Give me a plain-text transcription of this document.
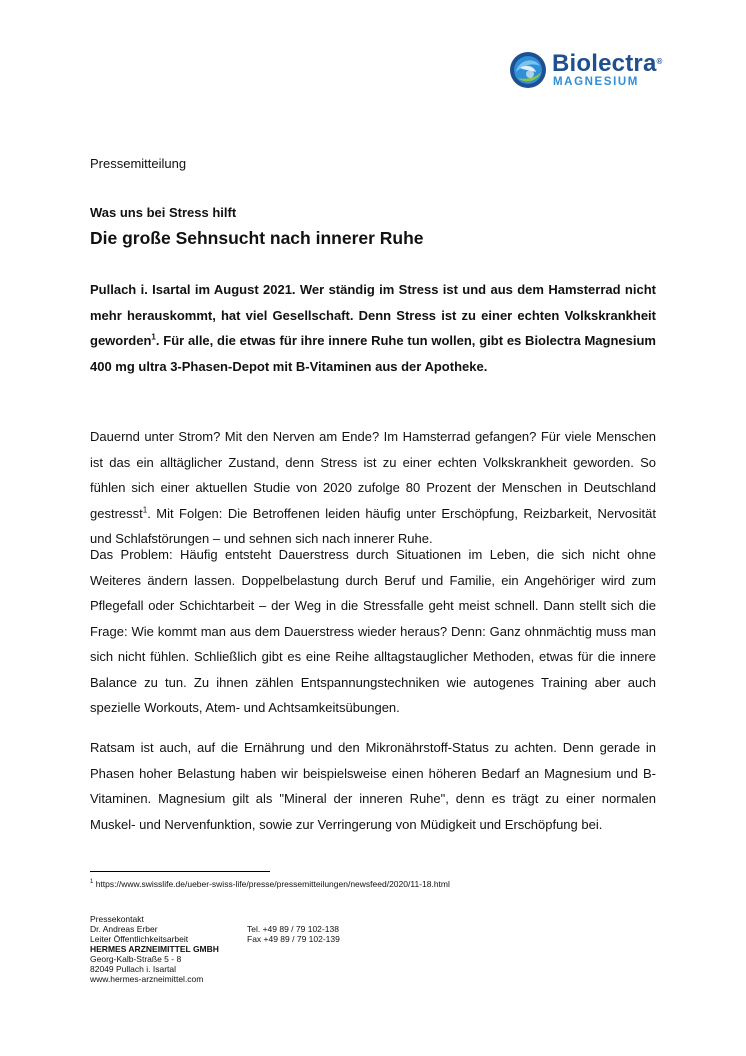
Biolectra®
MAGNESIUM
Pressemitteilung
Was uns bei Stress hilft
Die große Sehnsucht nach innerer Ruhe

Pullach i. Isartal im August 2021. Wer ständig im Stress ist und aus dem Hamsterrad nicht mehr herauskommt, hat viel Gesellschaft. Denn Stress ist zu einer echten Volkskrankheit geworden$^1$. Für alle, die etwas für ihre innere Ruhe tun wollen, gibt es Biolectra Magnesium 400 mg ultra 3-Phasen-Depot mit B-Vitaminen aus der Apotheke.

Dauernd unter Strom? Mit den Nerven am Ende? Im Hamsterrad gefangen? Für viele Menschen ist das ein alltäglicher Zustand, denn Stress ist zu einer echten Volkskrankheit geworden. So fühlen sich einer aktuellen Studie von 2020 zufolge 80 Prozent der Menschen in Deutschland gestresst$^1$. Mit Folgen: Die Betroffenen leiden häufig unter Erschöpfung, Reizbarkeit, Nervosität und Schlafstörungen – und sehnen sich nach innerer Ruhe.

Das Problem: Häufig entsteht Dauerstress durch Situationen im Leben, die sich nicht ohne Weiteres ändern lassen. Doppelbelastung durch Beruf und Familie, ein Angehöriger wird zum Pflegefall oder Schichtarbeit – der Weg in die Stressfalle geht meist schnell. Dann stellt sich die Frage: Wie kommt man aus dem Dauerstress wieder heraus? Denn: Ganz ohnmächtig muss man sich nicht fühlen. Schließlich gibt es eine Reihe alltagstauglicher Methoden, etwas für die innere Balance zu tun. Zu ihnen zählen Entspannungstechniken wie autogenes Training aber auch spezielle Workouts, Atem- und Achtsamkeitsübungen.

Ratsam ist auch, auf die Ernährung und den Mikronährstoff-Status zu achten. Denn gerade in Phasen hoher Belastung haben wir beispielsweise einen höheren Bedarf an Magnesium und B-Vitaminen. Magnesium gilt als "Mineral der inneren Ruhe", denn es trägt zu einer normalen Muskel- und Nervenfunktion, sowie zur Verringerung von Müdigkeit und Erschöpfung bei.

$^1$ https://www.swisslife.de/ueber-swiss-life/presse/pressemitteilungen/newsfeed/2020/11-18.html
Pressekontakt
Dr. Andreas Erber	Tel. +49 89 / 79 102-138
Leiter Öffentlichkeitsarbeit	Fax +49 89 / 79 102-139
HERMES ARZNEIMITTEL GMBH
Georg-Kalb-Straße 5 - 8
82049 Pullach i. Isartal
www.hermes-arzneimittel.com
